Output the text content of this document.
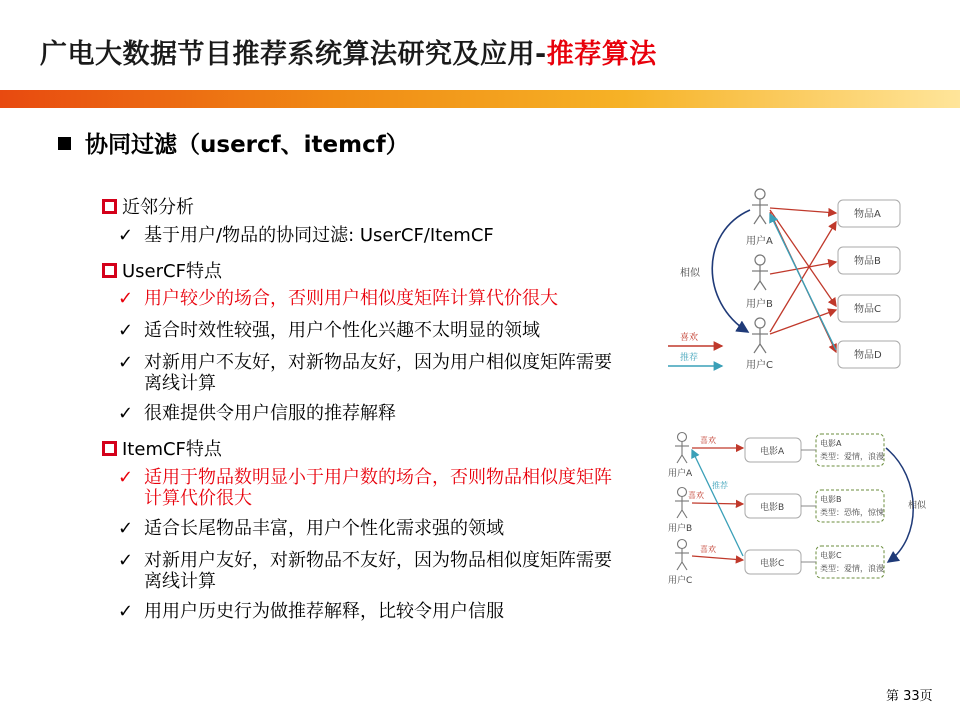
广电大数据节目推荐系统算法研究及应用-推荐算法
协同过滤（usercf、itemcf）
近邻分析
✓ 基于用户/物品的协同过滤: UserCF/ItemCF
UserCF特点
✓ 用户较少的场合，否则用户相似度矩阵计算代价很大
✓ 适合时效性较强，用户个性化兴趣不太明显的领域
✓ 对新用户不友好，对新物品友好，因为用户相似度矩阵需要离线计算
✓ 很难提供令用户信服的推荐解释
ItemCF特点
✓ 适用于物品数明显小于用户数的场合，否则物品相似度矩阵计算代价很大
✓ 适合长尾物品丰富，用户个性化需求强的领域
✓ 对新用户友好，对新物品不友好，因为物品相似度矩阵需要离线计算
✓ 用用户历史行为做推荐解释，比较令用户信服
用户A
用户B
用户C
物品A
物品B
物品C
物品D
相似
喜欢
推荐
用户A
用户B
用户C
电影A
电影B
电影C
电影A
类型：爱情，浪漫
电影B
类型：恐怖，惊悚
电影C
类型：爱情，浪漫
喜欢
喜欢
喜欢
推荐
相似
第 33页
